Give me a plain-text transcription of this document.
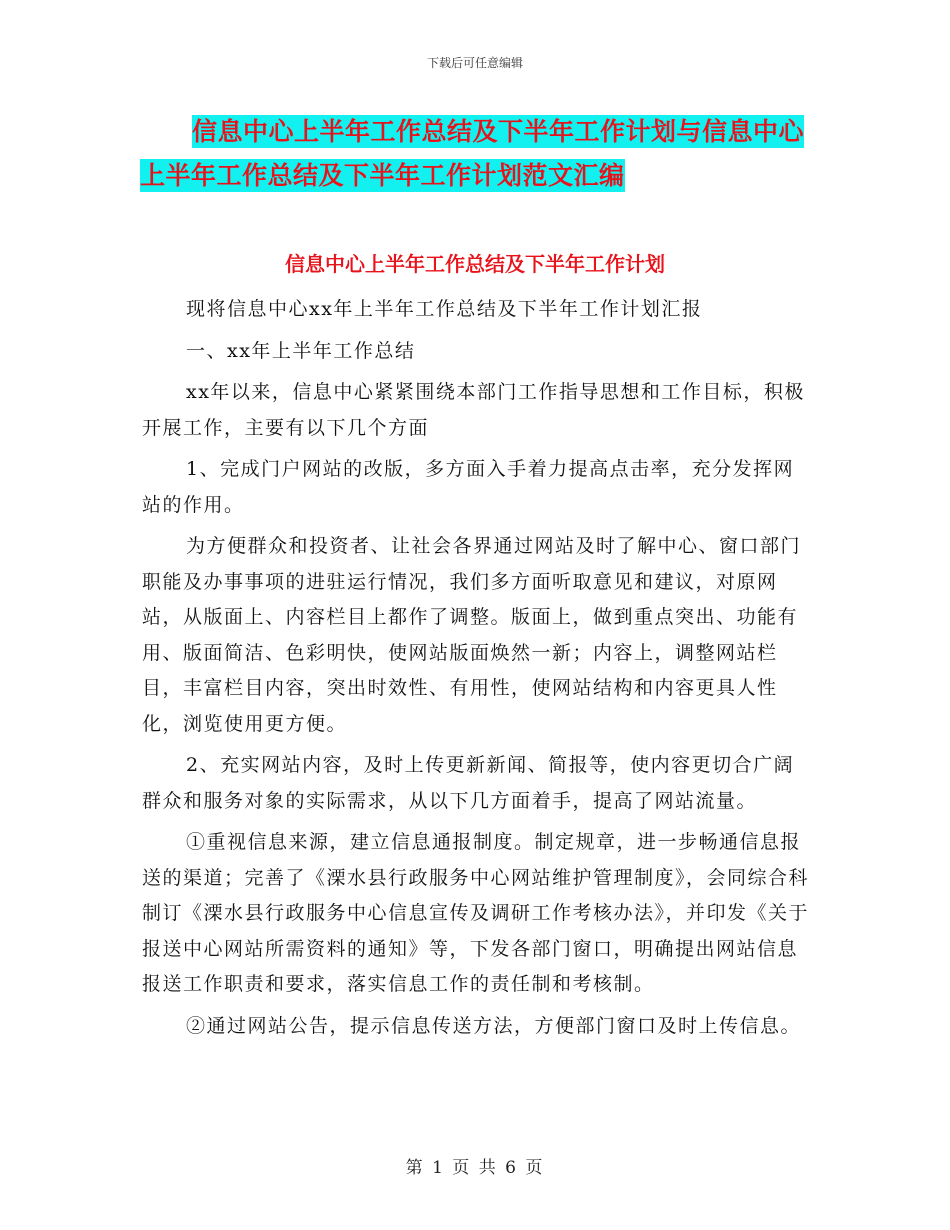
下载后可任意编辑
信息中心上半年工作总结及下半年工作计划与信息中心上半年工作总结及下半年工作计划范文汇编
信息中心上半年工作总结及下半年工作计划

现将信息中心xx年上半年工作总结及下半年工作计划汇报

一、xx年上半年工作总结

xx年以来，信息中心紧紧围绕本部门工作指导思想和工作目标，积极开展工作，主要有以下几个方面

1、完成门户网站的改版，多方面入手着力提高点击率，充分发挥网站的作用。

为方便群众和投资者、让社会各界通过网站及时了解中心、窗口部门职能及办事事项的进驻运行情况，我们多方面听取意见和建议，对原网站，从版面上、内容栏目上都作了调整。版面上，做到重点突出、功能有用、版面简洁、色彩明快，使网站版面焕然一新；内容上，调整网站栏目，丰富栏目内容，突出时效性、有用性，使网站结构和内容更具人性化，浏览使用更方便。

2、充实网站内容，及时上传更新新闻、简报等，使内容更切合广阔群众和服务对象的实际需求，从以下几方面着手，提高了网站流量。

①重视信息来源，建立信息通报制度。制定规章，进一步畅通信息报送的渠道；完善了《溧水县行政服务中心网站维护管理制度》，会同综合科制订《溧水县行政服务中心信息宣传及调研工作考核办法》，并印发《关于报送中心网站所需资料的通知》等，下发各部门窗口，明确提出网站信息报送工作职责和要求，落实信息工作的责任制和考核制。

②通过网站公告，提示信息传送方法，方便部门窗口及时上传信息。

第 1 页 共 6 页
